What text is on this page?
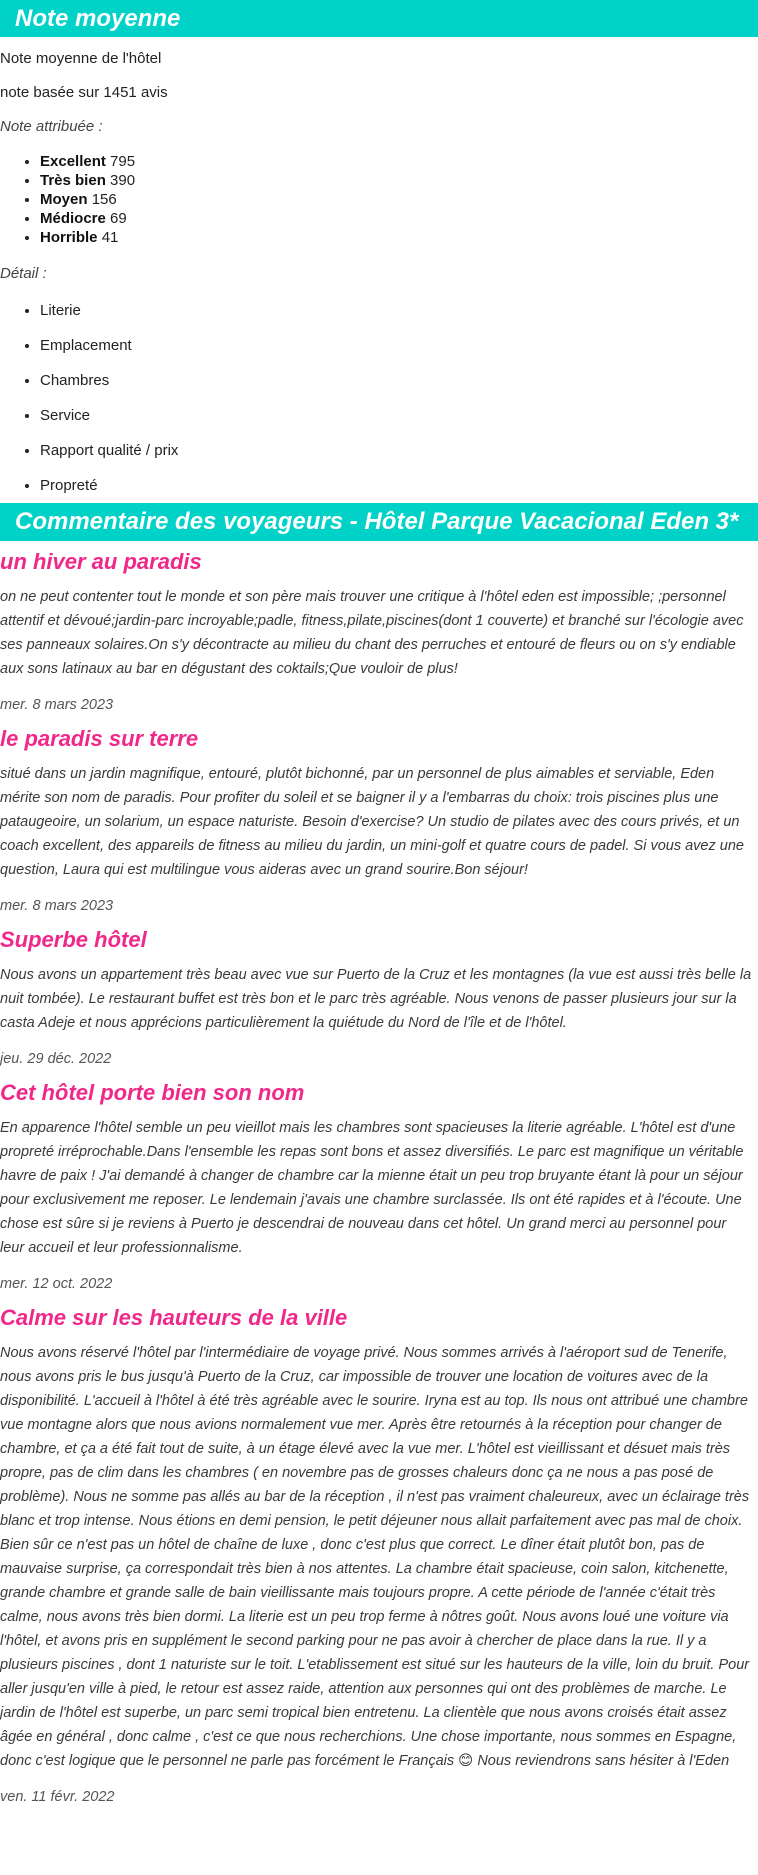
Note moyenne

Note moyenne de l'hôtel

note basée sur 1451 avis

Note attribuée :

• Excellent 795
• Très bien 390
• Moyen 156
• Médiocre 69
• Horrible 41

Détail :

• Literie
• Emplacement
• Chambres
• Service
• Rapport qualité / prix
• Propreté
Commentaire des voyageurs - Hôtel Parque Vacacional Eden 3*
un hiver au paradis

on ne peut contenter tout le monde et son père mais trouver une critique à l'hôtel eden est impossible; ;personnel attentif et dévoué;jardin-parc incroyable;padle, fitness,pilate,piscines(dont 1 couverte) et branché sur l'écologie avec ses panneaux solaires.On s'y décontracte au milieu du chant des perruches et entouré de fleurs ou on s'y endiable aux sons latinaux au bar en dégustant des coktails;Que vouloir de plus!

mer. 8 mars 2023

le paradis sur terre

situé dans un jardin magnifique, entouré, plutôt bichonné, par un personnel de plus aimables et serviable, Eden mérite son nom de paradis. Pour profiter du soleil et se baigner il y a l'embarras du choix: trois piscines plus une pataugeoire, un solarium, un espace naturiste. Besoin d'exercise? Un studio de pilates avec des cours privés, et un coach excellent, des appareils de fitness au milieu du jardin, un mini-golf et quatre cours de padel. Si vous avez une question, Laura qui est multilingue vous aideras avec un grand sourire.Bon séjour!

mer. 8 mars 2023

Superbe hôtel

Nous avons un appartement très beau avec vue sur Puerto de la Cruz et les montagnes (la vue est aussi très belle la nuit tombée). Le restaurant buffet est très bon et le parc très agréable. Nous venons de passer plusieurs jour sur la casta Adeje et nous apprécions particulièrement la quiétude du Nord de l'île et de l'hôtel.

jeu. 29 déc. 2022

Cet hôtel porte bien son nom

En apparence l'hôtel semble un peu vieillot mais les chambres sont spacieuses la literie agréable. L'hôtel est d'une propreté irréprochable.Dans l'ensemble les repas sont bons et assez diversifiés. Le parc est magnifique un véritable havre de paix ! J'ai demandé à changer de chambre car la mienne était un peu trop bruyante étant là pour un séjour pour exclusivement me reposer. Le lendemain j'avais une chambre surclassée. Ils ont été rapides et à l'écoute. Une chose est sûre si je reviens à Puerto je descendrai de nouveau dans cet hôtel. Un grand merci au personnel pour leur accueil et leur professionnalisme.

mer. 12 oct. 2022

Calme sur les hauteurs de la ville

Nous avons réservé l'hôtel par l'intermédiaire de voyage privé. Nous sommes arrivés à l'aéroport sud de Tenerife, nous avons pris le bus jusqu'à Puerto de la Cruz, car impossible de trouver une location de voitures avec de la disponibilité. L'accueil à l'hôtel à été très agréable avec le sourire. Iryna est au top. Ils nous ont attribué une chambre vue montagne alors que nous avions normalement vue mer. Après être retournés à la réception pour changer de chambre, et ça a été fait tout de suite, à un étage élevé avec la vue mer. L'hôtel est vieillissant et désuet mais très propre, pas de clim dans les chambres ( en novembre pas de grosses chaleurs donc ça ne nous a pas posé de problème). Nous ne somme pas allés au bar de la réception , il n'est pas vraiment chaleureux, avec un éclairage très blanc et trop intense. Nous étions en demi pension, le petit déjeuner nous allait parfaitement avec pas mal de choix. Bien sûr ce n'est pas un hôtel de chaîne de luxe , donc c'est plus que correct. Le dîner était plutôt bon, pas de mauvaise surprise, ça correspondait très bien à nos attentes. La chambre était spacieuse, coin salon, kitchenette, grande chambre et grande salle de bain vieillissante mais toujours propre. A cette période de l'année c'était très calme, nous avons très bien dormi. La literie est un peu trop ferme à nôtres goût. Nous avons loué une voiture via l'hôtel, et avons pris en supplément le second parking pour ne pas avoir à chercher de place dans la rue. Il y a plusieurs piscines , dont 1 naturiste sur le toit. L'etablissement est situé sur les hauteurs de la ville, loin du bruit. Pour aller jusqu'en ville à pied, le retour est assez raide, attention aux personnes qui ont des problèmes de marche. Le jardin de l'hôtel est superbe, un parc semi tropical bien entretenu. La clientèle que nous avons croisés était assez âgée en général , donc calme , c'est ce que nous recherchions. Une chose importante, nous sommes en Espagne, donc c'est logique que le personnel ne parle pas forcément le Français 😊 Nous reviendrons sans hésiter à l'Eden

ven. 11 févr. 2022
